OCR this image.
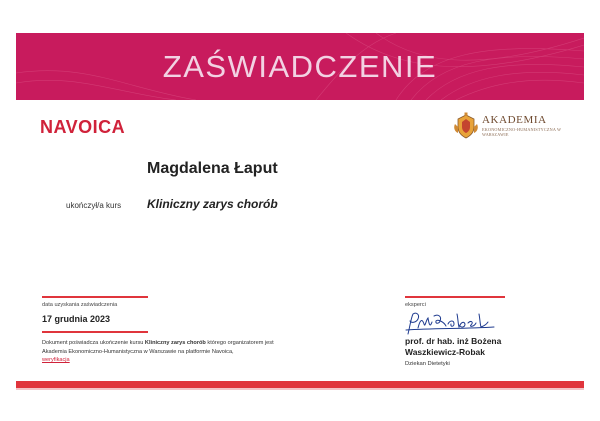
ZAŚWIADCZENIE
NAVOICA	AKADEMIA
EKONOMICZNO-HUMANISTYCZNA W WARSZAWIE
Magdalena Łaput
ukończył/a kurs Kliniczny zarys chorób
data uzyskania zaświadczenia
17 grudnia 2023
Dokument poświadcza ukończenie kursu Kliniczny zarys chorób którego organizatorem jest
Akademia Ekonomiczno-Humanistyczna w Warszawie na platformie Navoica,
weryfikacja
eksperci
prof. dr hab. inż Bożena
Waszkiewicz-Robak
Dziekan Dietetyki
